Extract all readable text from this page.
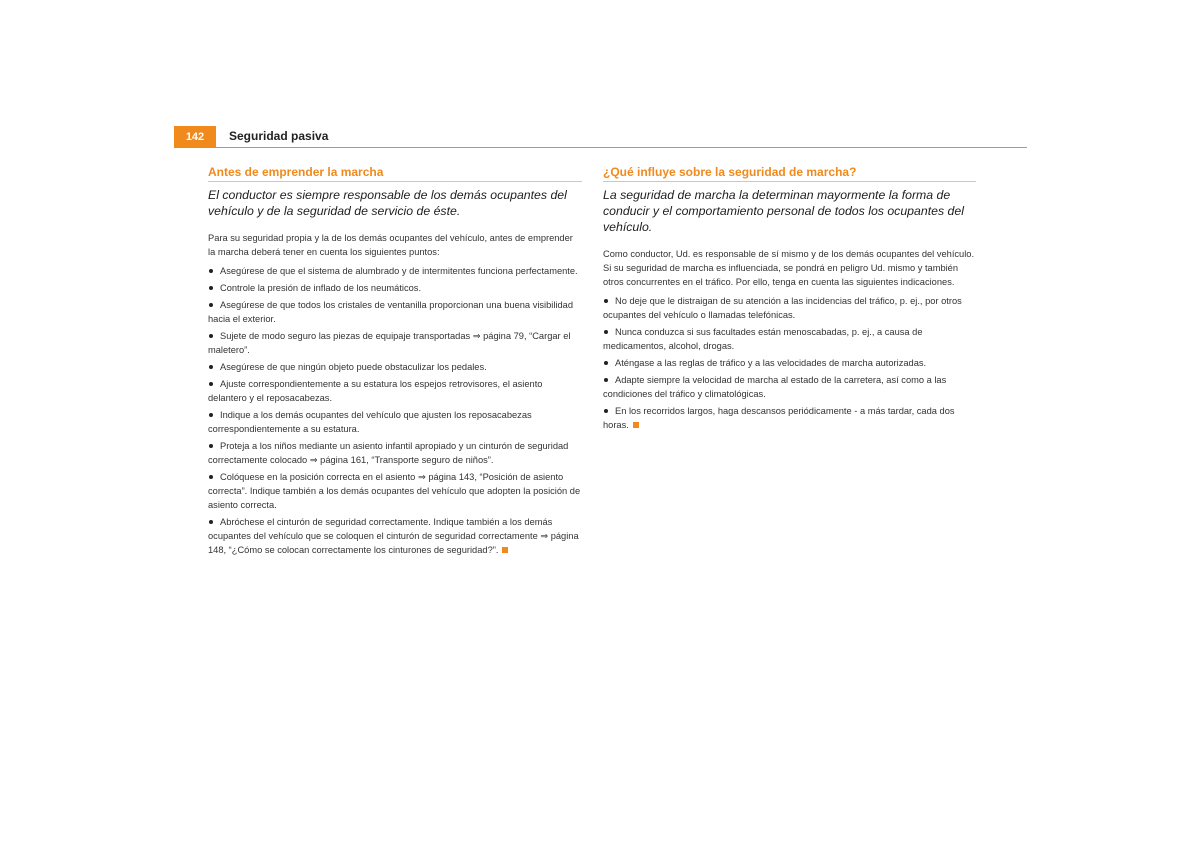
142	Seguridad pasiva
Antes de emprender la marcha

El conductor es siempre responsable de los demás ocupantes del vehículo y de la seguridad de servicio de éste.

Para su seguridad propia y la de los demás ocupantes del vehículo, antes de emprender la marcha deberá tener en cuenta los siguientes puntos:

Asegúrese de que el sistema de alumbrado y de intermitentes funciona perfectamente.
Controle la presión de inflado de los neumáticos.
Asegúrese de que todos los cristales de ventanilla proporcionan una buena visibilidad hacia el exterior.
Sujete de modo seguro las piezas de equipaje transportadas ⇒ página 79, “Cargar el maletero”.
Asegúrese de que ningún objeto puede obstaculizar los pedales.
Ajuste correspondientemente a su estatura los espejos retrovisores, el asiento delantero y el reposacabezas.
Indique a los demás ocupantes del vehículo que ajusten los reposacabezas correspondientemente a su estatura.
Proteja a los niños mediante un asiento infantil apropiado y un cinturón de seguridad correctamente colocado ⇒ página 161, “Transporte seguro de niños”.
Colóquese en la posición correcta en el asiento ⇒ página 143, “Posición de asiento correcta”. Indique también a los demás ocupantes del vehículo que adopten la posición de asiento correcta.
Abróchese el cinturón de seguridad correctamente. Indique también a los demás ocupantes del vehículo que se coloquen el cinturón de seguridad correctamente ⇒ página 148, “¿Cómo se colocan correctamente los cinturones de seguridad?”.
¿Qué influye sobre la seguridad de marcha?

La seguridad de marcha la determinan mayormente la forma de conducir y el comportamiento personal de todos los ocupantes del vehículo.

Como conductor, Ud. es responsable de sí mismo y de los demás ocupantes del vehículo. Si su seguridad de marcha es influenciada, se pondrá en peligro Ud. mismo y también otros concurrentes en el tráfico. Por ello, tenga en cuenta las siguientes indicaciones.

No deje que le distraigan de su atención a las incidencias del tráfico, p. ej., por otros ocupantes del vehículo o llamadas telefónicas.
Nunca conduzca si sus facultades están menoscabadas, p. ej., a causa de medicamentos, alcohol, drogas.
Aténgase a las reglas de tráfico y a las velocidades de marcha autorizadas.
Adapte siempre la velocidad de marcha al estado de la carretera, así como a las condiciones del tráfico y climatológicas.
En los recorridos largos, haga descansos periódicamente - a más tardar, cada dos horas.
